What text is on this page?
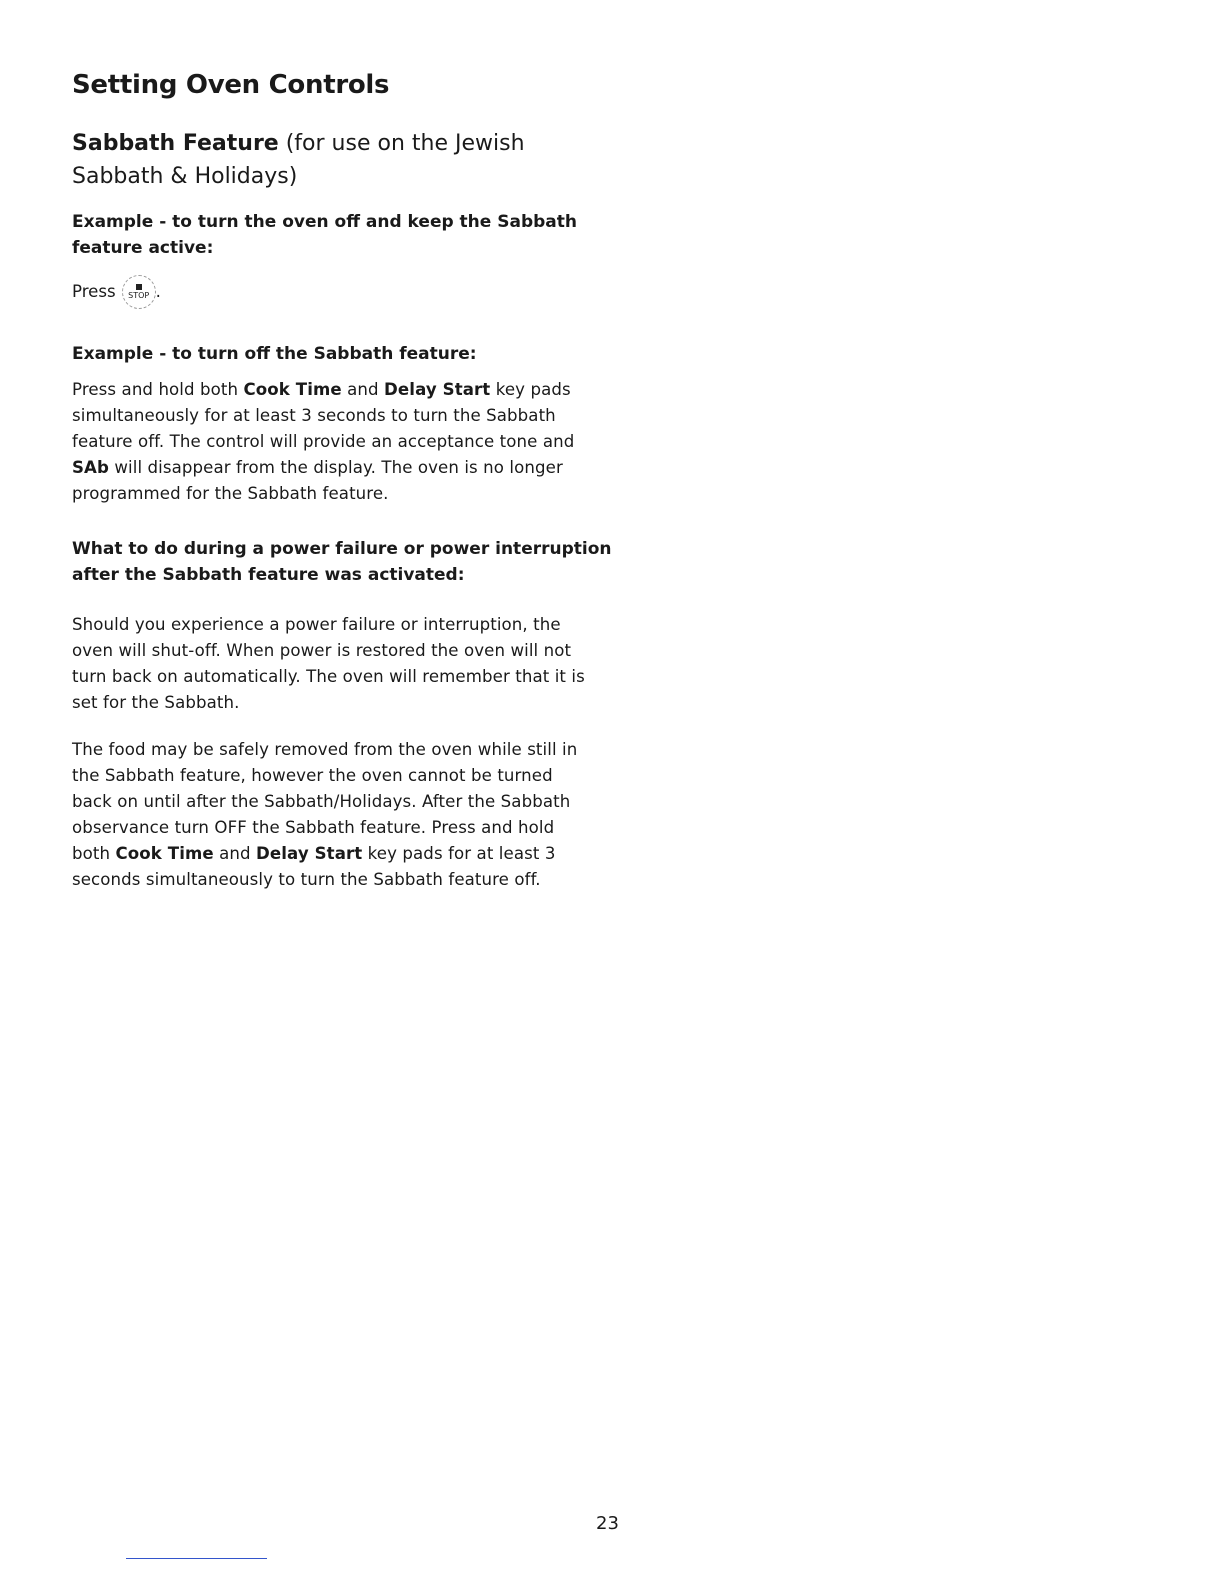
Setting Oven Controls
Sabbath Feature (for use on the Jewish Sabbath & Holidays)

Example - to turn the oven off and keep the Sabbath feature active:

Press STOP .

Example - to turn off the Sabbath feature:

Press and hold both Cook Time and Delay Start key pads simultaneously for at least 3 seconds to turn the Sabbath feature off. The control will provide an acceptance tone and SAb will disappear from the display. The oven is no longer programmed for the Sabbath feature.

What to do during a power failure or power interruption after the Sabbath feature was activated:

Should you experience a power failure or interruption, the oven will shut-off. When power is restored the oven will not turn back on automatically. The oven will remember that it is set for the Sabbath.

The food may be safely removed from the oven while still in the Sabbath feature, however the oven cannot be turned back on until after the Sabbath/Holidays. After the Sabbath observance turn OFF the Sabbath feature. Press and hold both Cook Time and Delay Start key pads for at least 3 seconds simultaneously to turn the Sabbath feature off.

23
